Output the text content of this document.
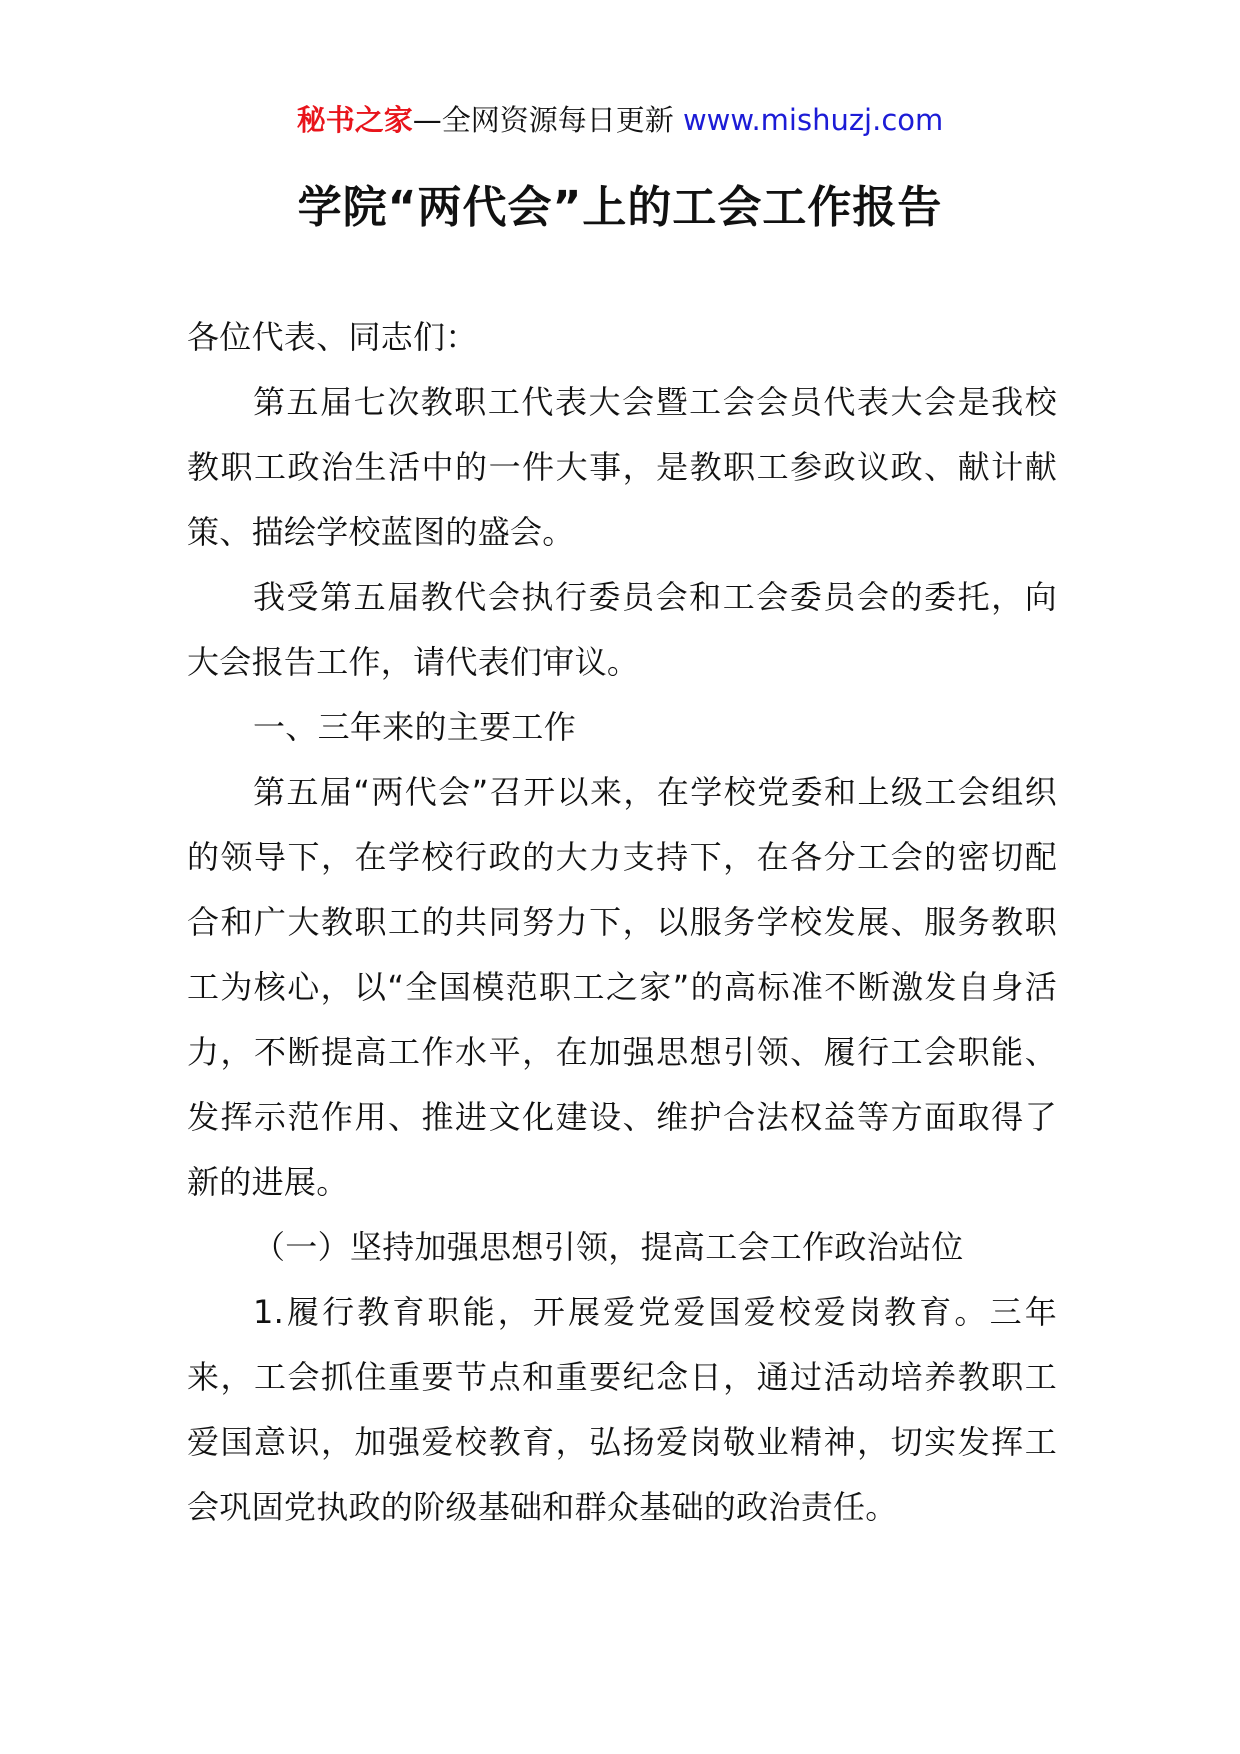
秘书之家—全网资源每日更新 www.mishuzj.com
学院“两代会”上的工会工作报告

各位代表、同志们：

第五届七次教职工代表大会暨工会会员代表大会是我校教职工政治生活中的一件大事，是教职工参政议政、献计献策、描绘学校蓝图的盛会。

我受第五届教代会执行委员会和工会委员会的委托，向大会报告工作，请代表们审议。

一、三年来的主要工作

第五届“两代会”召开以来，在学校党委和上级工会组织的领导下，在学校行政的大力支持下，在各分工会的密切配合和广大教职工的共同努力下，以服务学校发展、服务教职工为核心，以“全国模范职工之家”的高标准不断激发自身活力，不断提高工作水平，在加强思想引领、履行工会职能、发挥示范作用、推进文化建设、维护合法权益等方面取得了新的进展。

（一）坚持加强思想引领，提高工会工作政治站位

1.履行教育职能，开展爱党爱国爱校爱岗教育。三年来，工会抓住重要节点和重要纪念日，通过活动培养教职工爱国意识，加强爱校教育，弘扬爱岗敬业精神，切实发挥工会巩固党执政的阶级基础和群众基础的政治责任。
